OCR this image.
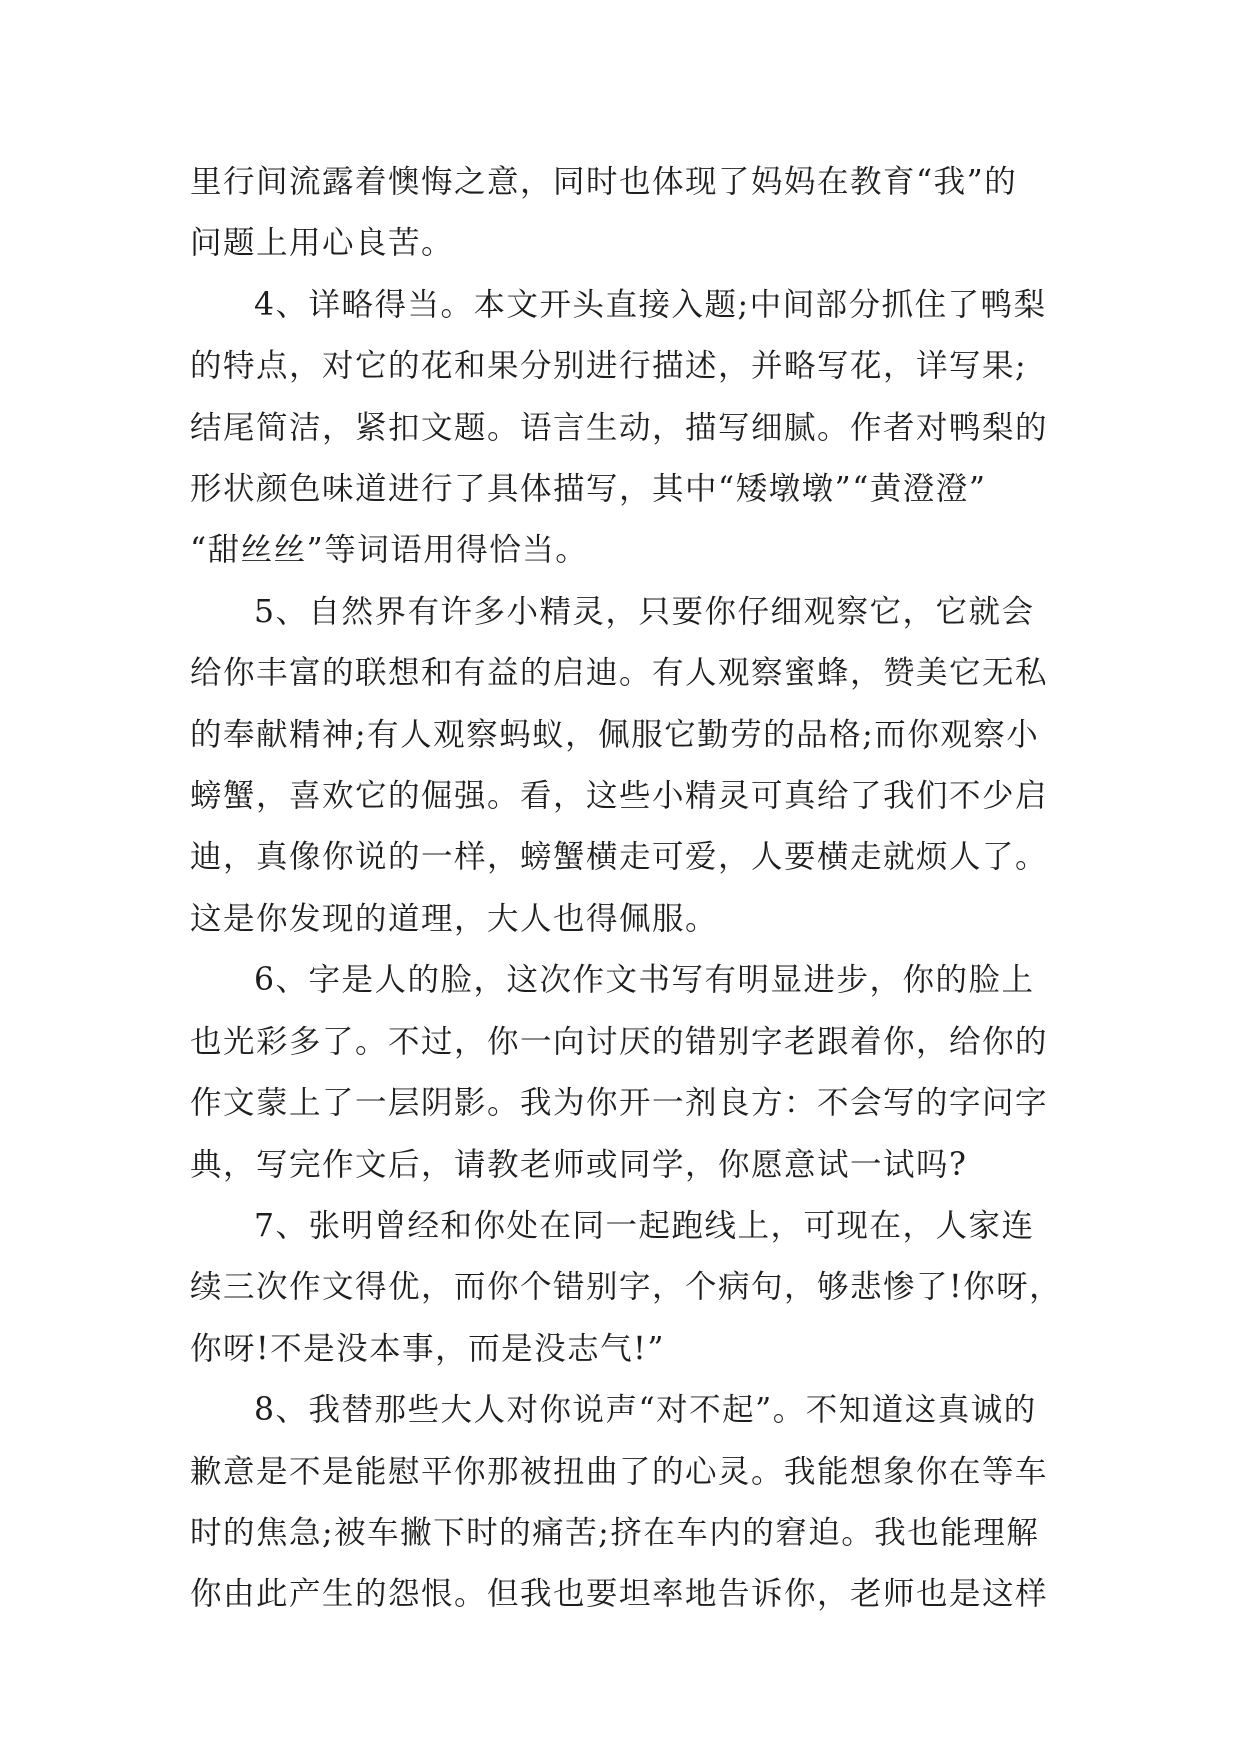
里行间流露着懊悔之意，同时也体现了妈妈在教育“我”的
问题上用心良苦。

4、详略得当。本文开头直接入题;中间部分抓住了鸭梨
的特点，对它的花和果分别进行描述，并略写花，详写果;
结尾简洁，紧扣文题。语言生动，描写细腻。作者对鸭梨的
形状颜色味道进行了具体描写，其中“矮墩墩”“黄澄澄”
“甜丝丝”等词语用得恰当。

5、自然界有许多小精灵，只要你仔细观察它，它就会
给你丰富的联想和有益的启迪。有人观察蜜蜂，赞美它无私
的奉献精神;有人观察蚂蚁，佩服它勤劳的品格;而你观察小
螃蟹，喜欢它的倔强。看，这些小精灵可真给了我们不少启
迪，真像你说的一样，螃蟹横走可爱，人要横走就烦人了。
这是你发现的道理，大人也得佩服。

6、字是人的脸，这次作文书写有明显进步，你的脸上
也光彩多了。不过，你一向讨厌的错别字老跟着你，给你的
作文蒙上了一层阴影。我为你开一剂良方：不会写的字问字
典，写完作文后，请教老师或同学，你愿意试一试吗?

7、张明曾经和你处在同一起跑线上，可现在，人家连
续三次作文得优，而你个错别字，个病句，够悲惨了!你呀，
你呀!不是没本事，而是没志气!”

8、我替那些大人对你说声“对不起”。不知道这真诚的
歉意是不是能慰平你那被扭曲了的心灵。我能想象你在等车
时的焦急;被车撇下时的痛苦;挤在车内的窘迫。我也能理解
你由此产生的怨恨。但我也要坦率地告诉你，老师也是这样
